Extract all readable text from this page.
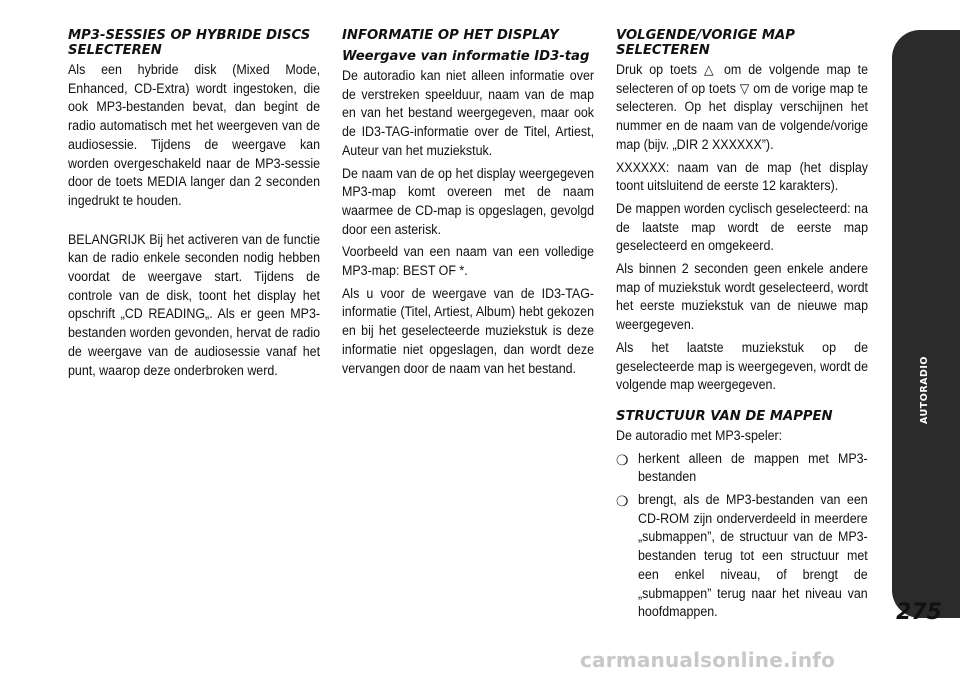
MP3-SESSIES OP HYBRIDE DISCS SELECTEREN

Als een hybride disk (Mixed Mode, Enhanced, CD-Extra) wordt ingestoken, die ook MP3-bestanden bevat, dan begint de radio automatisch met het weergeven van de audiosessie. Tijdens de weergave kan worden overgeschakeld naar de MP3-sessie door de toets MEDIA langer dan 2 seconden ingedrukt te houden.

BELANGRIJK Bij het activeren van de functie kan de radio enkele seconden nodig hebben voordat de weergave start. Tijdens de controle van de disk, toont het display het opschrift „CD READING„. Als er geen MP3-bestanden worden gevonden, hervat de radio de weergave van de audiosessie vanaf het punt, waarop deze onderbroken werd.

INFORMATIE OP HET DISPLAY
Weergave van informatie ID3-tag

De autoradio kan niet alleen informatie over de verstreken speelduur, naam van de map en van het bestand weergegeven, maar ook de ID3-TAG-informatie over de Titel, Artiest, Auteur van het muziekstuk.

De naam van de op het display weergegeven MP3-map komt overeen met de naam waarmee de CD-map is opgeslagen, gevolgd door een asterisk.

Voorbeeld van een naam van een volledige MP3-map: BEST OF *.

Als u voor de weergave van de ID3-TAG-informatie (Titel, Artiest, Album) hebt gekozen en bij het geselecteerde muziekstuk is deze informatie niet opgeslagen, dan wordt deze vervangen door de naam van het bestand.

VOLGENDE/VORIGE MAP SELECTEREN

Druk op toets △ om de volgende map te selecteren of op toets ▽ om de vorige map te selecteren. Op het display verschijnen het nummer en de naam van de volgende/vorige map (bijv. „DIR 2 XXXXXX”).

XXXXXX: naam van de map (het display toont uitsluitend de eerste 12 karakters).

De mappen worden cyclisch geselecteerd: na de laatste map wordt de eerste map geselecteerd en omgekeerd.

Als binnen 2 seconden geen enkele andere map of muziekstuk wordt geselecteerd, wordt het eerste muziekstuk van de nieuwe map weergegeven.

Als het laatste muziekstuk op de geselecteerde map is weergegeven, wordt de volgende map weergegeven.

STRUCTUUR VAN DE MAPPEN

De autoradio met MP3-speler:

❍ herkent alleen de mappen met MP3-bestanden

❍ brengt, als de MP3-bestanden van een CD-ROM zijn onderverdeeld in meerdere „submappen”, de structuur van de MP3-bestanden terug tot een structuur met een enkel niveau, of brengt de „submappen” terug naar het niveau van hoofdmappen.

AUTORADIO
275
carmanualsonline.info
